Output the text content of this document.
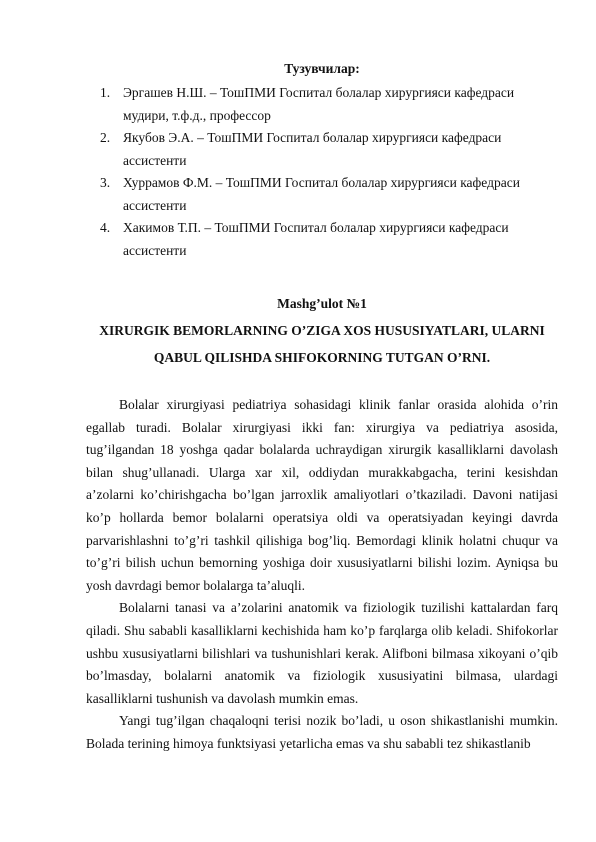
Тузувчилар:

1. Эргашев Н.Ш. – ТошПМИ Госпитал болалар хирургияси кафедраси мудири, т.ф.д., профессор
2. Якубов Э.А. – ТошПМИ Госпитал болалар хирургияси кафедраси ассистенти
3. Хуррамов Ф.М. – ТошПМИ Госпитал болалар хирургияси кафедраси ассистенти
4. Хакимов Т.П. – ТошПМИ Госпитал болалар хирургияси кафедраси ассистенти

Mashg’ulot №1

XIRURGIK BEMORLARNING O’ZIGA XOS HUSUSIYATLARI, ULARNI QABUL QILISHDA SHIFOKORNING TUTGAN O’RNI.

Bolalar xirurgiyasi pediatriya sohasidagi klinik fanlar orasida alohida o’rin egallab turadi. Bolalar xirurgiyasi ikki fan: xirurgiya va pediatriya asosida, tug’ilgandan 18 yoshga qadar bolalarda uchraydigan xirurgik kasalliklarni davolash bilan shug’ullanadi. Ularga xar xil, oddiydan murakkabgacha, terini kesishdan a’zolarni ko’chirishgacha bo’lgan jarroxlik amaliyotlari o’tkaziladi. Davoni natijasi ko’p hollarda bemor bolalarni operatsiya oldi va operatsiyadan keyingi davrda parvarishlashni to’g’ri tashkil qilishiga bog’liq. Bemordagi klinik holatni chuqur va to’g’ri bilish uchun bemorning yoshiga doir xususiyatlarni bilishi lozim. Ayniqsa bu yosh davrdagi bemor bolalarga ta’aluqli.

Bolalarni tanasi va a’zolarini anatomik va fiziologik tuzilishi kattalardan farq qiladi. Shu sababli kasalliklarni kechishida ham ko’p farqlarga olib keladi. Shifokorlar ushbu xususiyatlarni bilishlari va tushunishlari kerak. Alifboni bilmasa xikoyani o’qib bo’lmasday, bolalarni anatomik va fiziologik xususiyatini bilmasa, ulardagi kasalliklarni tushunish va davolash mumkin emas.

Yangi tug’ilgan chaqaloqni terisi nozik bo’ladi, u oson shikastlanishi mumkin. Bolada terining himoya funktsiyasi yetarlicha emas va shu sababli tez shikastlanib
